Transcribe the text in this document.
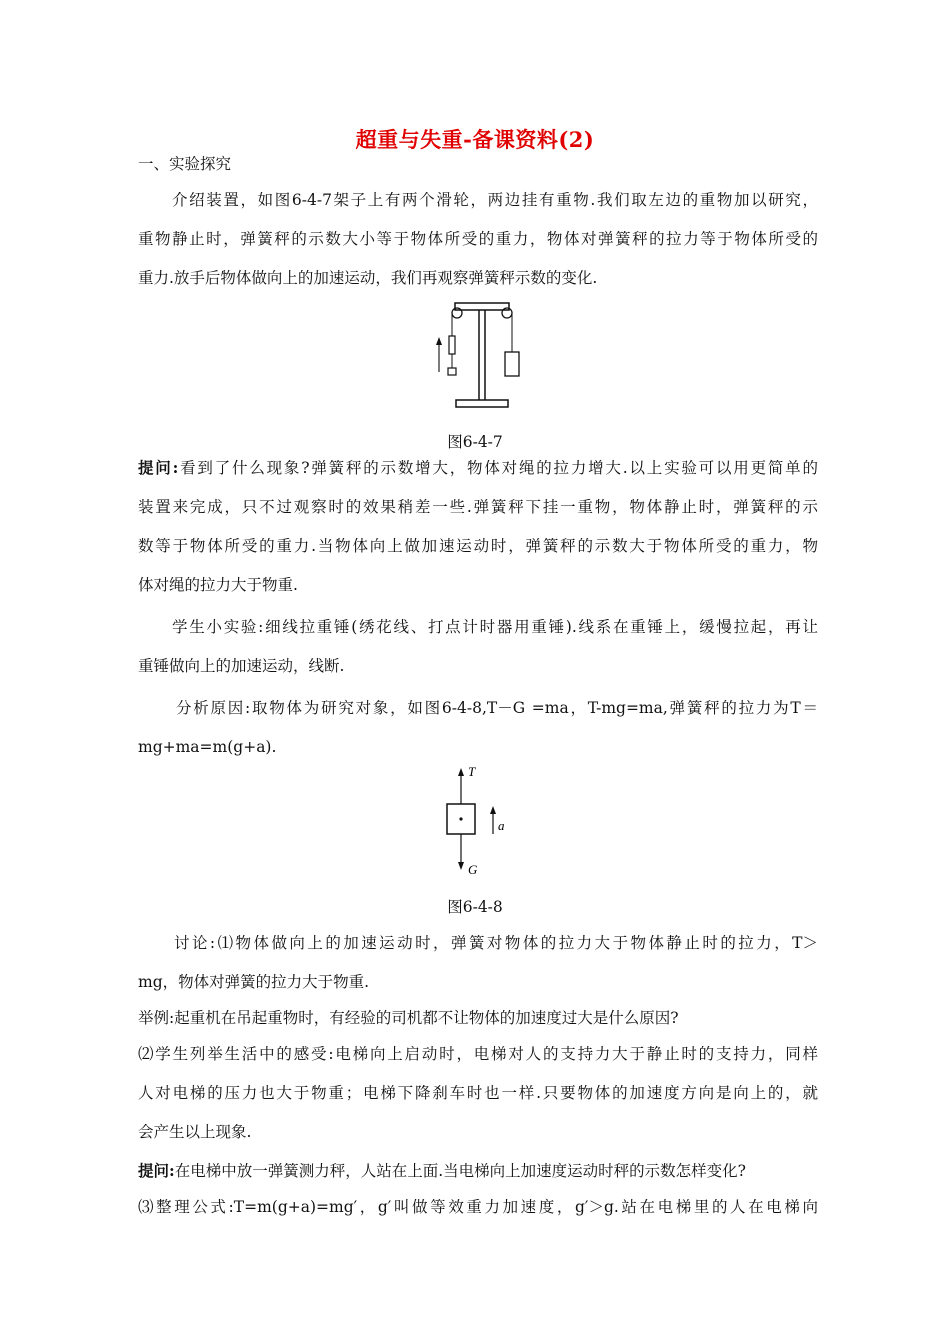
超重与失重-备课资料(2)
一、实验探究
介绍装置，如图6-4-7架子上有两个滑轮，两边挂有重物.我们取左边的重物加以研究，
重物静止时，弹簧秤的示数大小等于物体所受的重力，物体对弹簧秤的拉力等于物体所受的
重力.放手后物体做向上的加速运动，我们再观察弹簧秤示数的变化.
图6-4-7
提问:看到了什么现象?弹簧秤的示数增大，物体对绳的拉力增大.以上实验可以用更简单的
装置来完成，只不过观察时的效果稍差一些.弹簧秤下挂一重物，物体静止时，弹簧秤的示
数等于物体所受的重力.当物体向上做加速运动时，弹簧秤的示数大于物体所受的重力，物
体对绳的拉力大于物重.
学生小实验:细线拉重锤(绣花线、打点计时器用重锤).线系在重锤上，缓慢拉起，再让
重锤做向上的加速运动，线断.
分析原因:取物体为研究对象，如图6-4-8,T－G =ma，T-mg=ma,弹簧秤的拉力为T＝
mg+ma=m(g+a).
T
a
G
图6-4-8
讨论:⑴物体做向上的加速运动时，弹簧对物体的拉力大于物体静止时的拉力，T＞
mg，物体对弹簧的拉力大于物重.
举例:起重机在吊起重物时，有经验的司机都不让物体的加速度过大是什么原因?
⑵学生列举生活中的感受:电梯向上启动时，电梯对人的支持力大于静止时的支持力，同样
人对电梯的压力也大于物重；电梯下降刹车时也一样.只要物体的加速度方向是向上的，就
会产生以上现象.
提问:在电梯中放一弹簧测力秤，人站在上面.当电梯向上加速度运动时秤的示数怎样变化?
⑶整理公式:T=m(g+a)=mg′，g′叫做等效重力加速度，g′＞g.站在电梯里的人在电梯向
